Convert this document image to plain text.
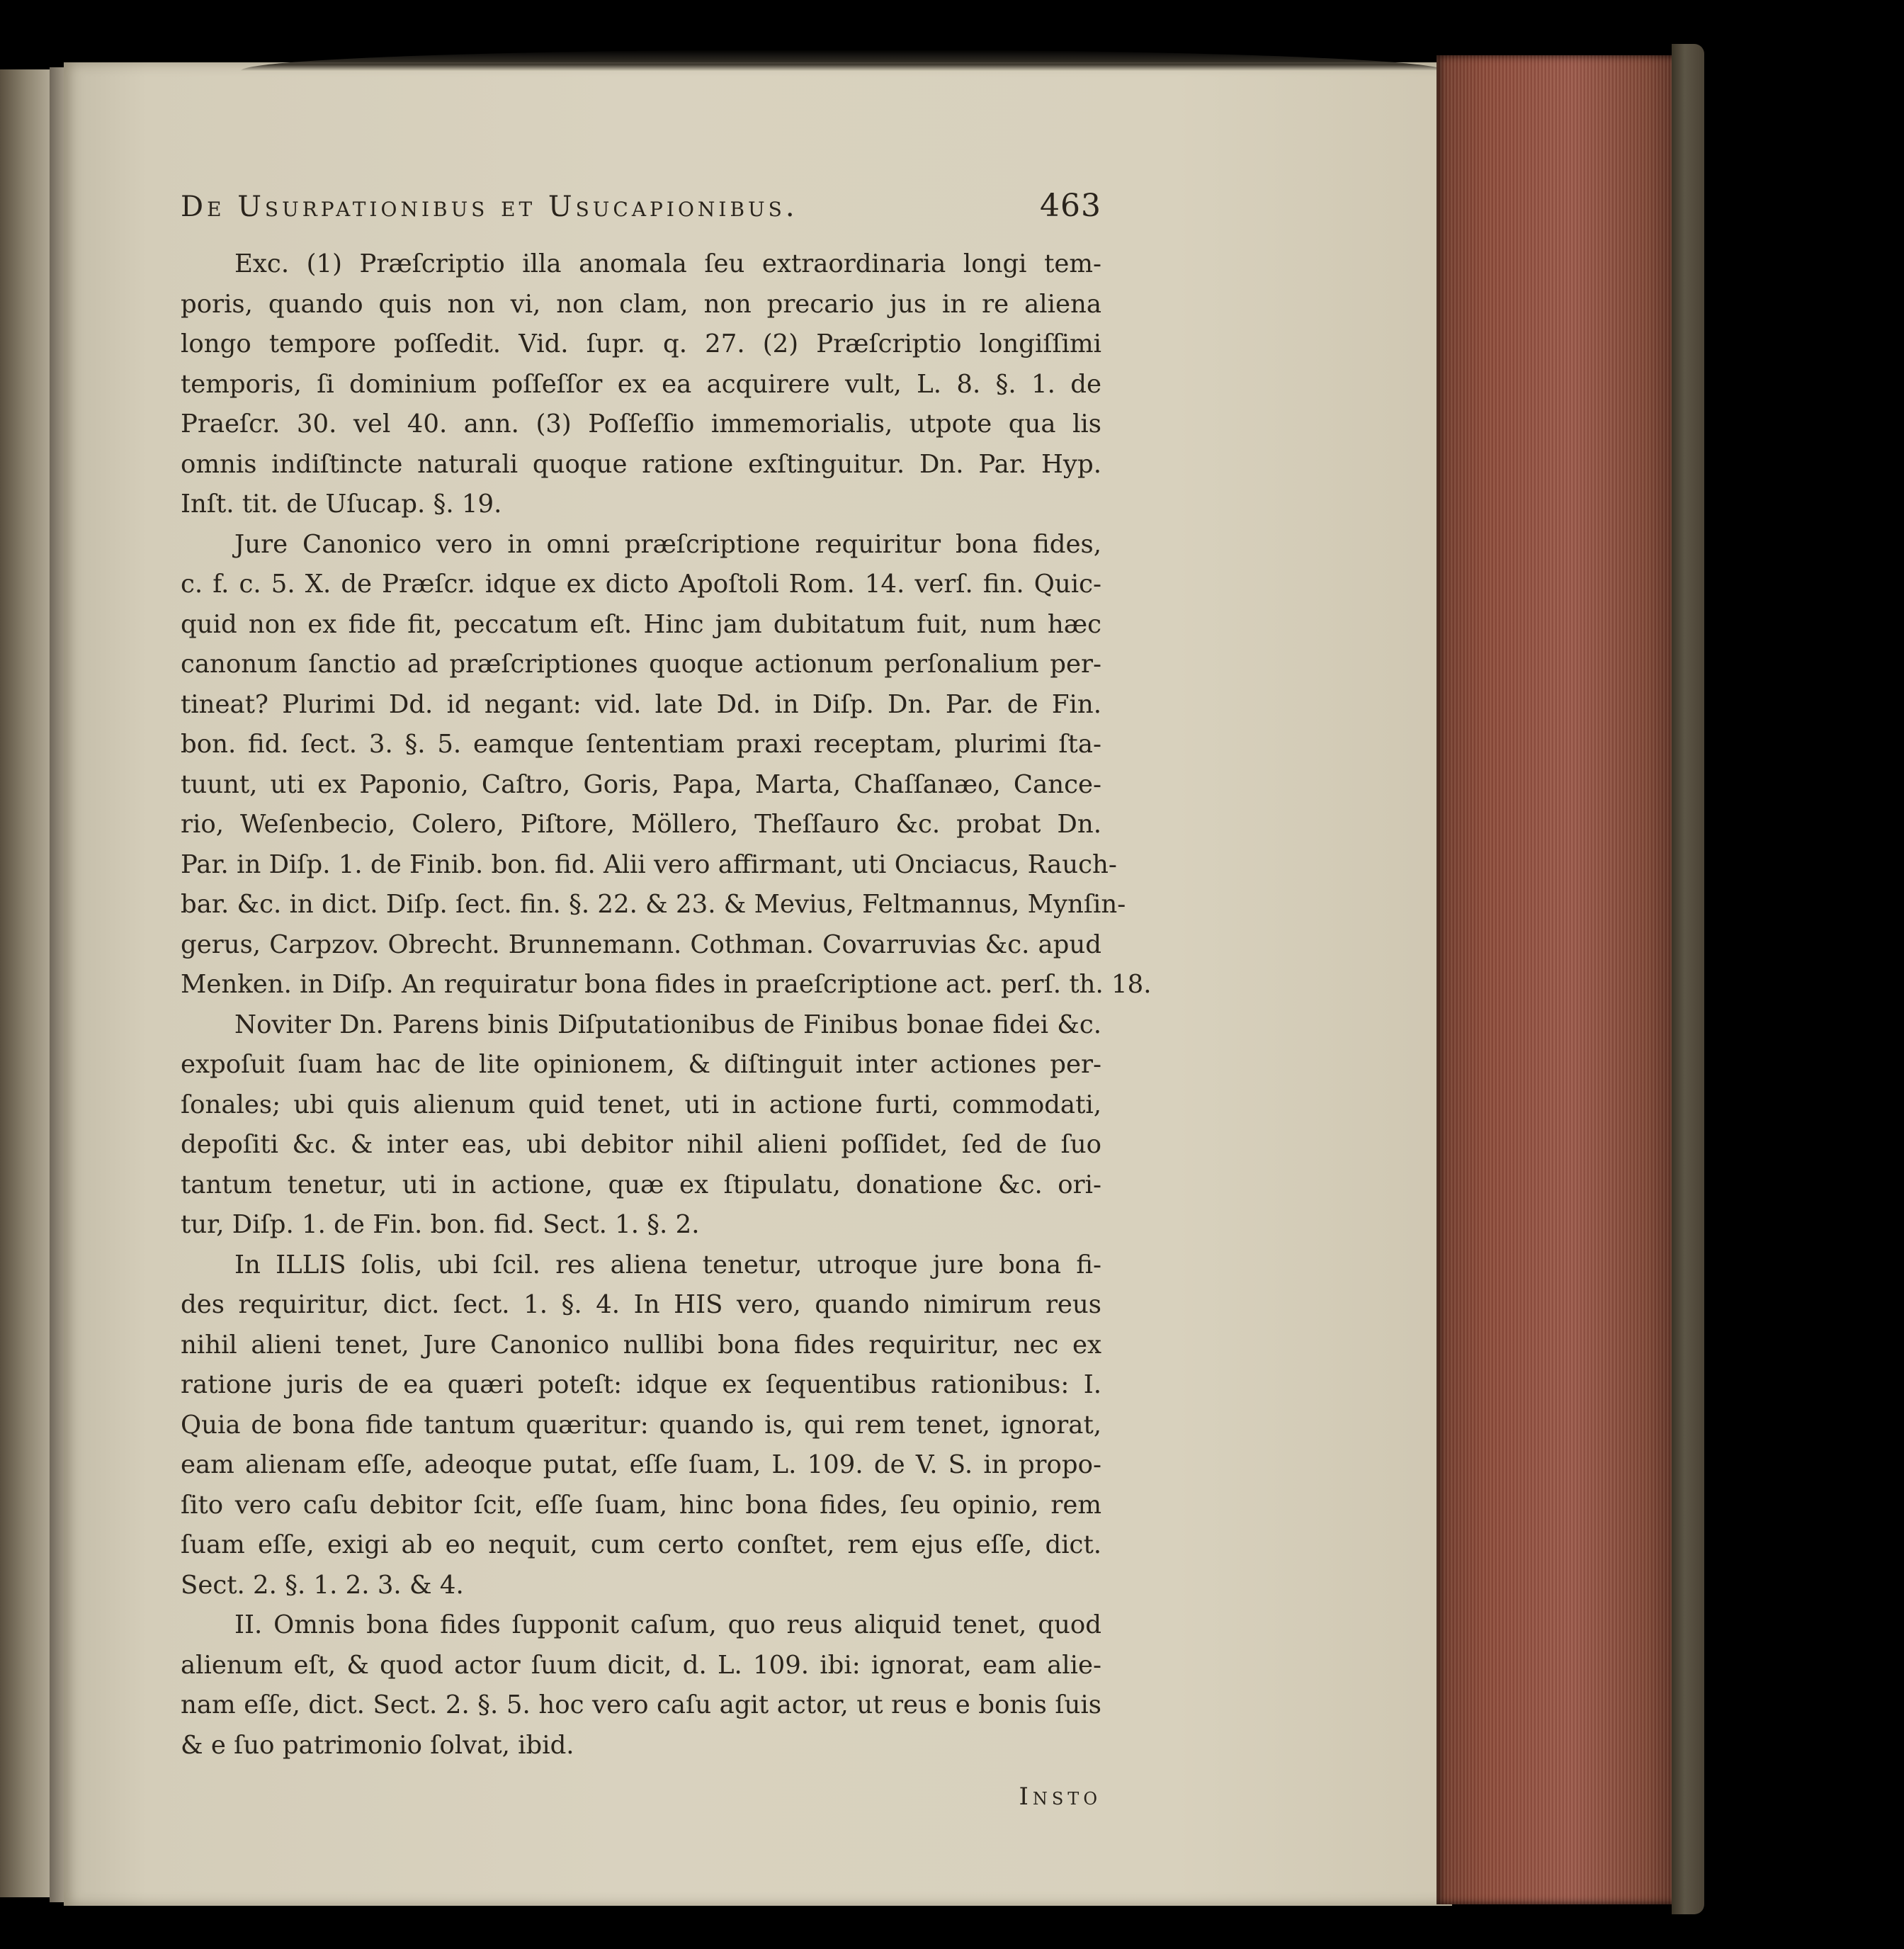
De Usurpationibus et Usucapionibus.	463
Exc. (1) Præſcriptio illa anomala ſeu extraordinaria longi tem-
poris, quando quis non vi, non clam, non precario jus in re aliena
longo tempore poſſedit. Vid. ſupr. q. 27. (2) Præſcriptio longiſſimi
temporis, ſi dominium poſſeſſor ex ea acquirere vult, L. 8. §. 1. de
Praeſcr. 30. vel 40. ann. (3) Poſſeſſio immemorialis, utpote qua lis
omnis indiſtincte naturali quoque ratione exſtinguitur. Dn. Par. Hyp.
Inſt. tit. de Uſucap. §. 19.
Jure Canonico vero in omni præſcriptione requiritur bona fides,
c. f. c. 5. X. de Præſcr. idque ex dicto Apoſtoli Rom. 14. verſ. fin. Quic-
quid non ex fide fit, peccatum eſt. Hinc jam dubitatum fuit, num hæc
canonum ſanctio ad præſcriptiones quoque actionum perſonalium per-
tineat? Plurimi Dd. id negant: vid. late Dd. in Diſp. Dn. Par. de Fin.
bon. fid. ſect. 3. §. 5. eamque ſententiam praxi receptam, plurimi ſta-
tuunt, uti ex Paponio, Caſtro, Goris, Papa, Marta, Chaſſanæo, Cance-
rio, Weſenbecio, Colero, Piſtore, Möllero, Theſſauro &c. probat Dn.
Par. in Diſp. 1. de Finib. bon. fid. Alii vero affirmant, uti Onciacus, Rauch-
bar. &c. in dict. Diſp. ſect. fin. §. 22. & 23. & Mevius, Feltmannus, Mynſin-
gerus, Carpzov. Obrecht. Brunnemann. Cothman. Covarruvias &c. apud
Menken. in Diſp. An requiratur bona fides in praeſcriptione act. perſ. th. 18.
Noviter Dn. Parens binis Diſputationibus de Finibus bonae fidei &c.
expoſuit ſuam hac de lite opinionem, & diſtinguit inter actiones per-
ſonales; ubi quis alienum quid tenet, uti in actione furti, commodati,
depoſiti &c. & inter eas, ubi debitor nihil alieni poſſidet, ſed de ſuo
tantum tenetur, uti in actione, quæ ex ſtipulatu, donatione &c. ori-
tur, Diſp. 1. de Fin. bon. fid. Sect. 1. §. 2.
In ILLIS ſolis, ubi ſcil. res aliena tenetur, utroque jure bona fi-
des requiritur, dict. ſect. 1. §. 4. In HIS vero, quando nimirum reus
nihil alieni tenet, Jure Canonico nullibi bona fides requiritur, nec ex
ratione juris de ea quæri poteſt: idque ex ſequentibus rationibus: I.
Quia de bona fide tantum quæritur: quando is, qui rem tenet, ignorat,
eam alienam eſſe, adeoque putat, eſſe ſuam, L. 109. de V. S. in propo-
ſito vero caſu debitor ſcit, eſſe ſuam, hinc bona fides, ſeu opinio, rem
ſuam eſſe, exigi ab eo nequit, cum certo conſtet, rem ejus eſſe, dict.
Sect. 2. §. 1. 2. 3. & 4.
II. Omnis bona fides ſupponit caſum, quo reus aliquid tenet, quod
alienum eſt, & quod actor ſuum dicit, d. L. 109. ibi: ignorat, eam alie-
nam eſſe, dict. Sect. 2. §. 5. hoc vero caſu agit actor, ut reus e bonis ſuis
& e ſuo patrimonio ſolvat, ibid.
Insto
